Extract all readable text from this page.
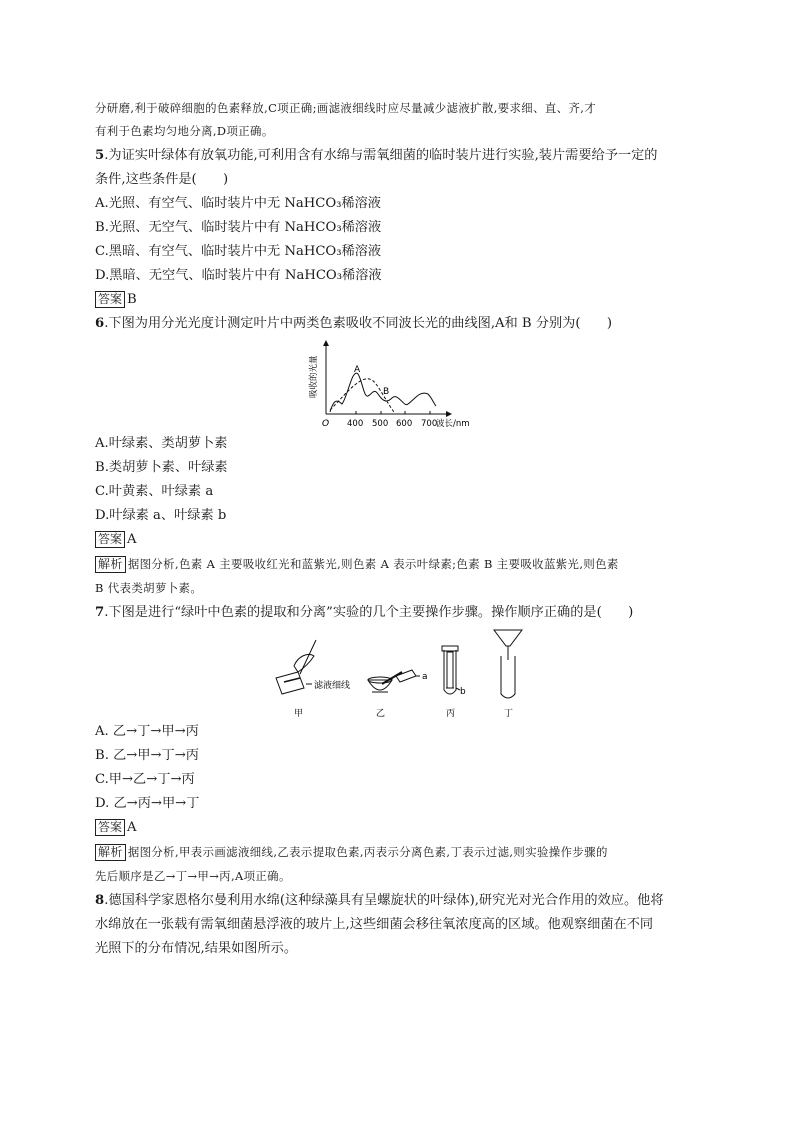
分研磨,利于破碎细胞的色素释放,C项正确;画滤液细线时应尽量减少滤液扩散,要求细、直、齐,才
有利于色素均匀地分离,D项正确。
5.为证实叶绿体有放氧功能,可利用含有水绵与需氧细菌的临时装片进行实验,装片需要给予一定的
条件,这些条件是(　　)
A.光照、有空气、临时装片中无 NaHCO₃稀溶液
B.光照、无空气、临时装片中有 NaHCO₃稀溶液
C.黑暗、有空气、临时装片中无 NaHCO₃稀溶液
D.黑暗、无空气、临时装片中有 NaHCO₃稀溶液
答案 B
6.下图为用分光光度计测定叶片中两类色素吸收不同波长光的曲线图,A和 B 分别为(　　)
吸收的光量
O 400 500 600 700
波长/nm
A
B
A.叶绿素、类胡萝卜素
B.类胡萝卜素、叶绿素
C.叶黄素、叶绿素 a
D.叶绿素 a、叶绿素 b
答案 A
解析 据图分析,色素 A 主要吸收红光和蓝紫光,则色素 A 表示叶绿素;色素 B 主要吸收蓝紫光,则色素
B 代表类胡萝卜素。
7.下图是进行“绿叶中色素的提取和分离”实验的几个主要操作步骤。操作顺序正确的是(　　)
滤液细线
a
b
甲	乙	丙	丁
A. 乙→丁→甲→丙
B. 乙→甲→丁→丙
C.甲→乙→丁→丙
D. 乙→丙→甲→丁
答案 A
解析 据图分析,甲表示画滤液细线,乙表示提取色素,丙表示分离色素,丁表示过滤,则实验操作步骤的
先后顺序是乙→丁→甲→丙,A项正确。
8.德国科学家恩格尔曼利用水绵(这种绿藻具有呈螺旋状的叶绿体),研究光对光合作用的效应。他将
水绵放在一张载有需氧细菌悬浮液的玻片上,这些细菌会移往氧浓度高的区域。他观察细菌在不同
光照下的分布情况,结果如图所示。
